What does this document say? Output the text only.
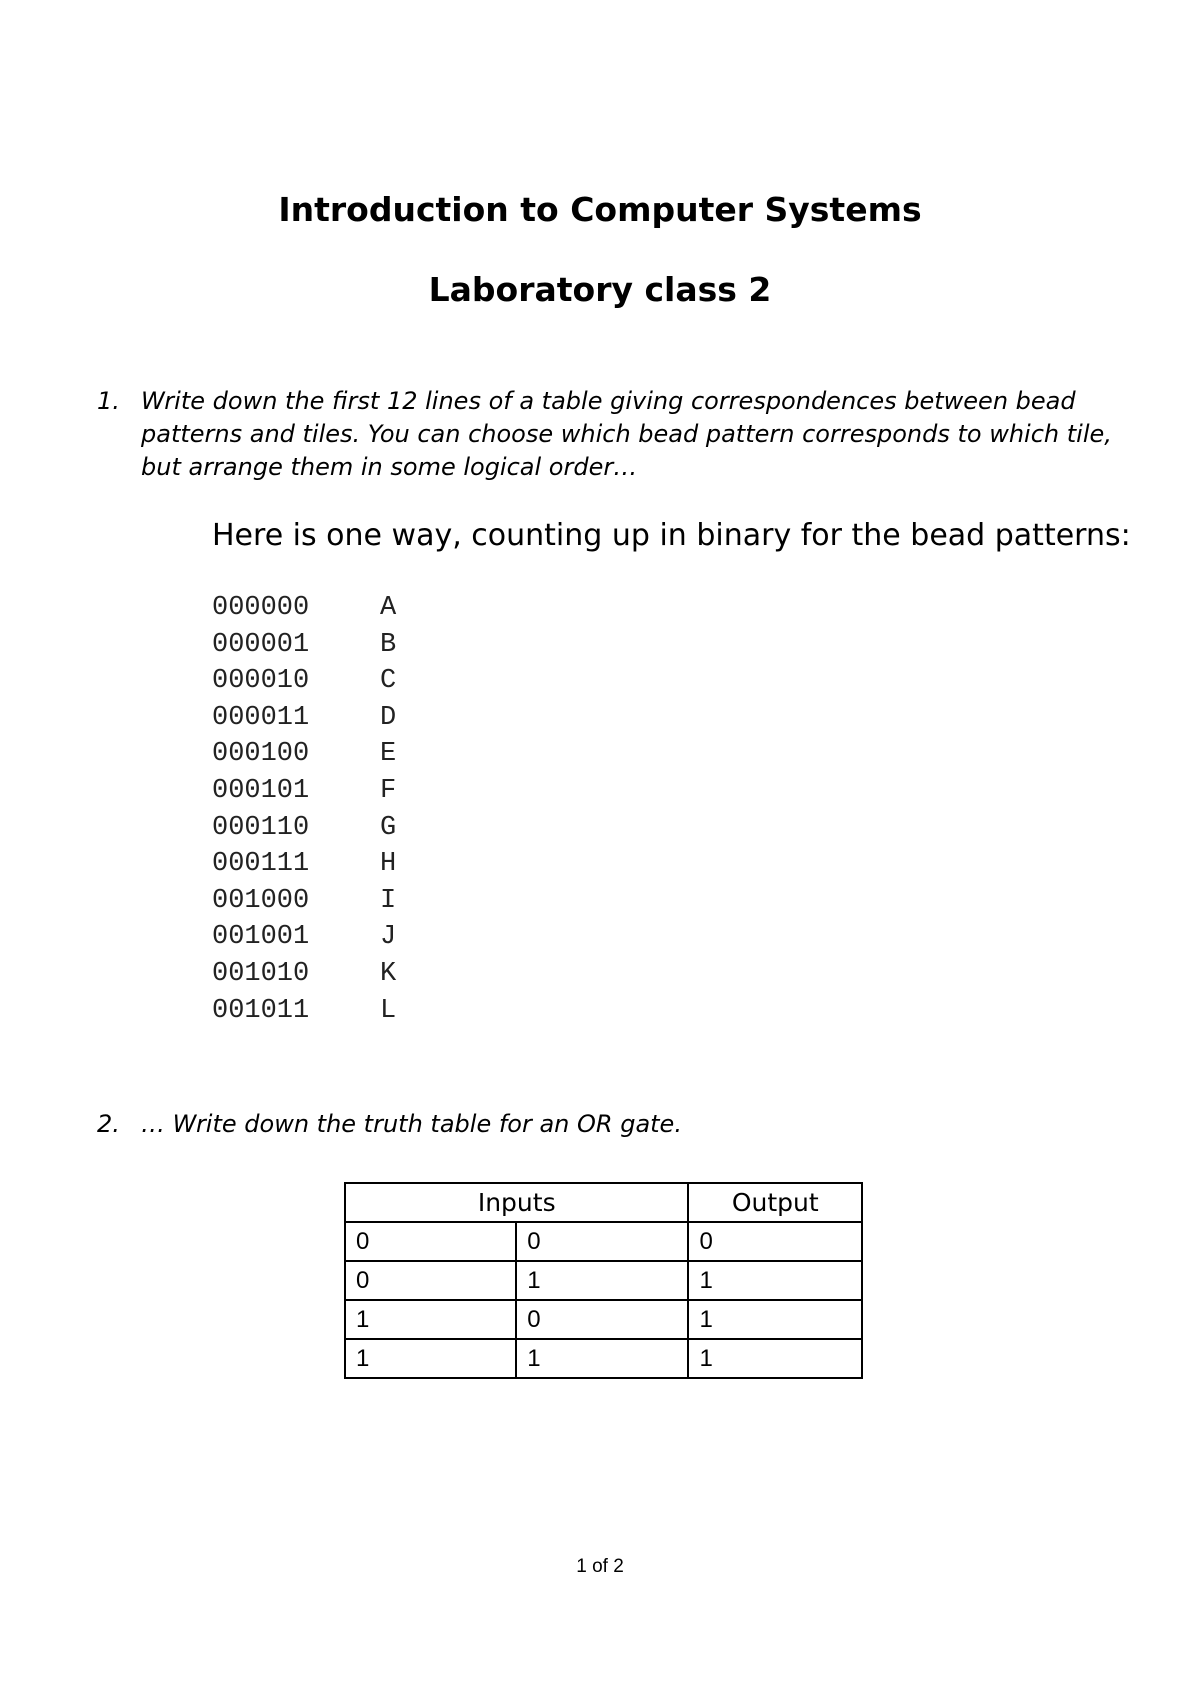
Introduction to Computer Systems
Laboratory class 2
1. Write down the first 12 lines of a table giving correspondences between bead patterns and tiles. You can choose which bead pattern corresponds to which tile, but arrange them in some logical order…
Here is one way, counting up in binary for the bead patterns:
000000	A
000001	B
000010	C
000011	D
000100	E
000101	F
000110	G
000111	H
001000	I
001001	J
001010	K
001011	L
2. … Write down the truth table for an OR gate.
Inputs		Output
0	0	0
0	1	1
1	0	1
1	1	1
1 of 2
